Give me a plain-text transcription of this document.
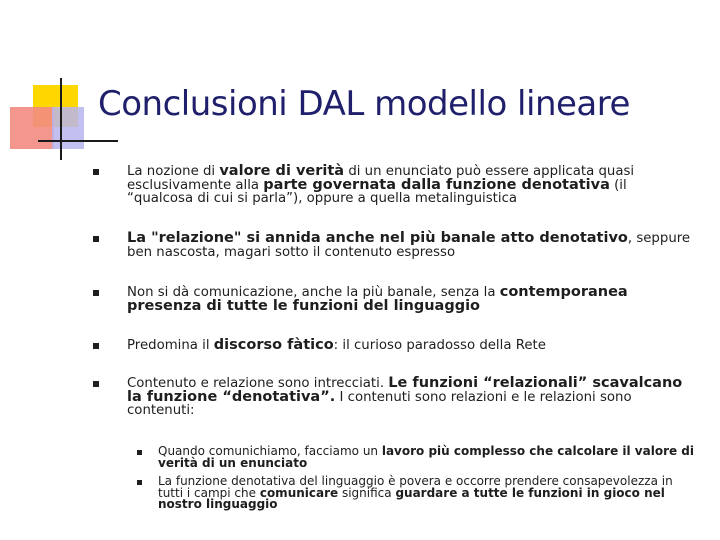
Conclusioni DAL modello lineare
La nozione di valore di verità di un enunciato può essere applicata quasi esclusivamente alla parte governata dalla funzione denotativa (il “qualcosa di cui si parla”), oppure a quella metalinguistica
La "relazione" si annida anche nel più banale atto denotativo, seppure ben nascosta, magari sotto il contenuto espresso
Non si dà comunicazione, anche la più banale, senza la contemporanea presenza di tutte le funzioni del linguaggio
Predomina il discorso fàtico: il curioso paradosso della Rete
Contenuto e relazione sono intrecciati. Le funzioni “relazionali” scavalcano la funzione “denotativa”. I contenuti sono relazioni e le relazioni sono contenuti:
Quando comunichiamo, facciamo un lavoro più complesso che calcolare il valore di verità di un enunciato
La funzione denotativa del linguaggio è povera e occorre prendere consapevolezza in tutti i campi che comunicare significa guardare a tutte le funzioni in gioco nel nostro linguaggio
